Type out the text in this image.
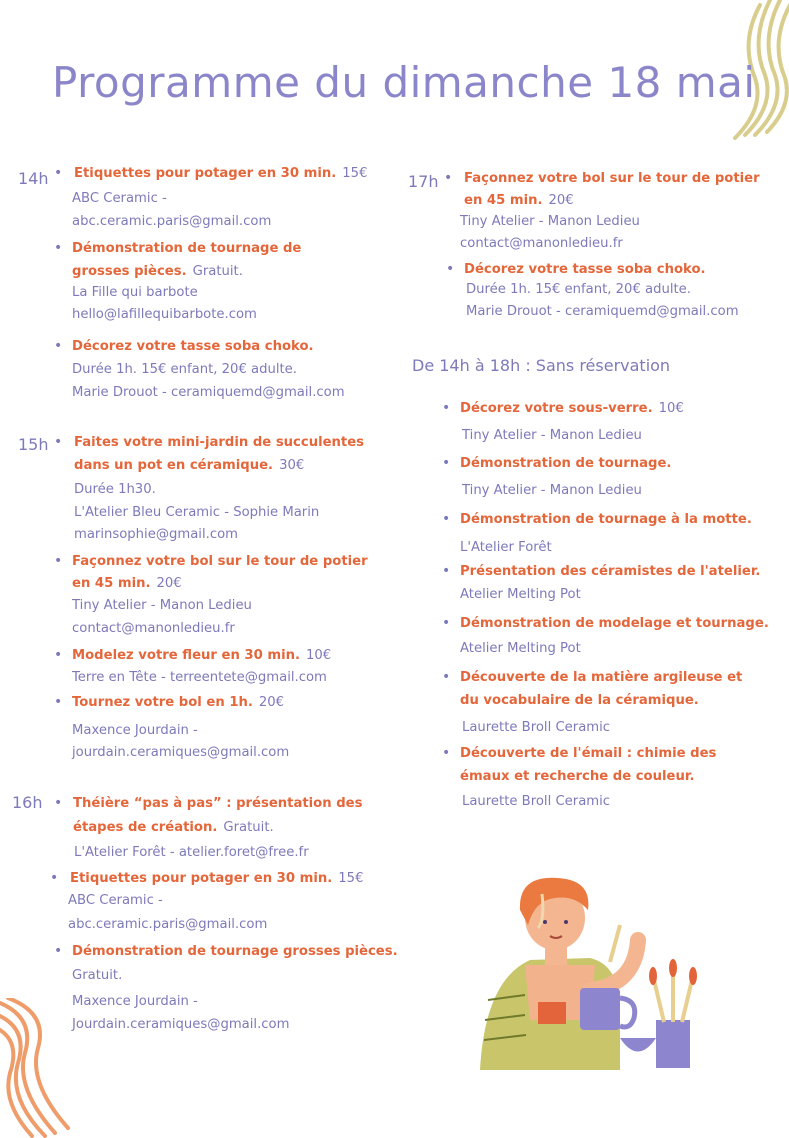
Programme du dimanche 18 mai
14h • Etiquettes pour potager en 30 min. 15€
ABC Ceramic -
abc.ceramic.paris@gmail.com
• Démonstration de tournage de
grosses pièces. Gratuit.
La Fille qui barbote
hello@lafillequibarbote.com
• Décorez votre tasse soba choko.
Durée 1h. 15€ enfant, 20€ adulte.
Marie Drouot - ceramiquemd@gmail.com
15h • Faites votre mini-jardin de succulentes
dans un pot en céramique. 30€
Durée 1h30.
L'Atelier Bleu Ceramic - Sophie Marin
marinsophie@gmail.com
• Façonnez votre bol sur le tour de potier
en 45 min. 20€
Tiny Atelier - Manon Ledieu
contact@manonledieu.fr
• Modelez votre fleur en 30 min. 10€
Terre en Tête - terreentete@gmail.com
• Tournez votre bol en 1h. 20€
Maxence Jourdain -
jourdain.ceramiques@gmail.com
16h • Théière “pas à pas” : présentation des
étapes de création. Gratuit.
L'Atelier Forêt - atelier.foret@free.fr
• Etiquettes pour potager en 30 min. 15€
ABC Ceramic -
abc.ceramic.paris@gmail.com
• Démonstration de tournage grosses pièces.
Gratuit.
Maxence Jourdain -
Jourdain.ceramiques@gmail.com
17h • Façonnez votre bol sur le tour de potier
en 45 min. 20€
Tiny Atelier - Manon Ledieu
contact@manonledieu.fr
• Décorez votre tasse soba choko.
Durée 1h. 15€ enfant, 20€ adulte.
Marie Drouot - ceramiquemd@gmail.com
De 14h à 18h : Sans réservation
• Décorez votre sous-verre. 10€
Tiny Atelier - Manon Ledieu
• Démonstration de tournage.
Tiny Atelier - Manon Ledieu
• Démonstration de tournage à la motte.
L'Atelier Forêt
• Présentation des céramistes de l'atelier.
Atelier Melting Pot
• Démonstration de modelage et tournage.
Atelier Melting Pot
• Découverte de la matière argileuse et
du vocabulaire de la céramique.
Laurette Broll Ceramic
• Découverte de l'émail : chimie des
émaux et recherche de couleur.
Laurette Broll Ceramic
